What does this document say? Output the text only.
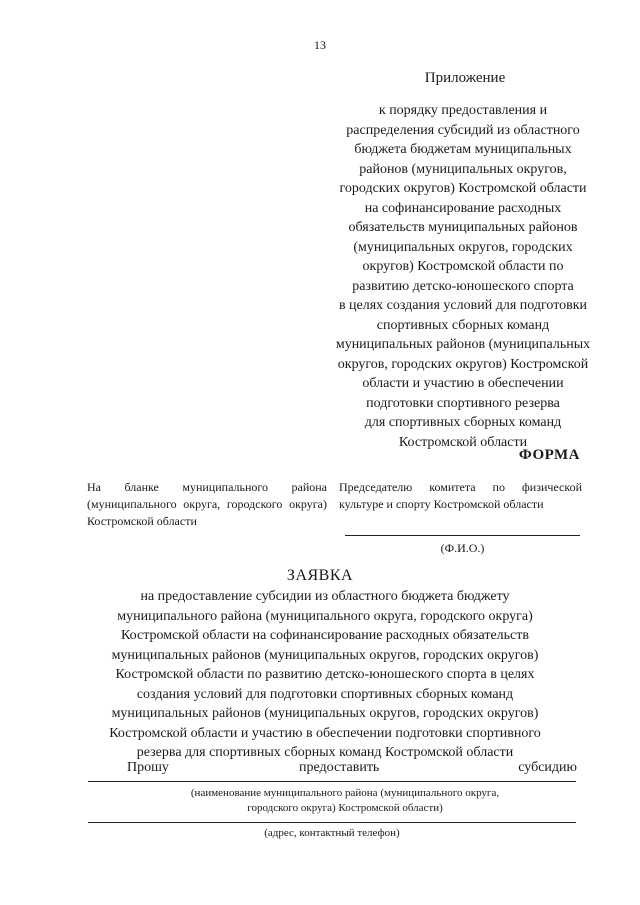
13
Приложение
к порядку предоставления и
распределения субсидий из областного
бюджета бюджетам муниципальных
районов (муниципальных округов,
городских округов) Костромской области
на софинансирование расходных
обязательств муниципальных районов
(муниципальных округов, городских
округов) Костромской области по
развитию детско-юношеского спорта
в целях создания условий для подготовки
спортивных сборных команд
муниципальных районов (муниципальных
округов, городских округов) Костромской
области и участию в обеспечении
подготовки спортивного резерва
для спортивных сборных команд
Костромской области
ФОРМА
На бланке муниципального района (муниципального округа, городского округа) Костромской области
Председателю комитета по физической культуре и спорту Костромской области
(Ф.И.О.)
ЗАЯВКА
на предоставление субсидии из областного бюджета бюджету
муниципального района (муниципального округа, городского округа)
Костромской области на софинансирование расходных обязательств
муниципальных районов (муниципальных округов, городских округов)
Костромской области по развитию детско-юношеского спорта в целях
создания условий для подготовки спортивных сборных команд
муниципальных районов (муниципальных округов, городских округов)
Костромской области и участию в обеспечении подготовки спортивного
резерва для спортивных сборных команд Костромской области
Прошу	предоставить	субсидию
(наименование муниципального района (муниципального округа,
городского округа) Костромской области)
(адрес, контактный телефон)
